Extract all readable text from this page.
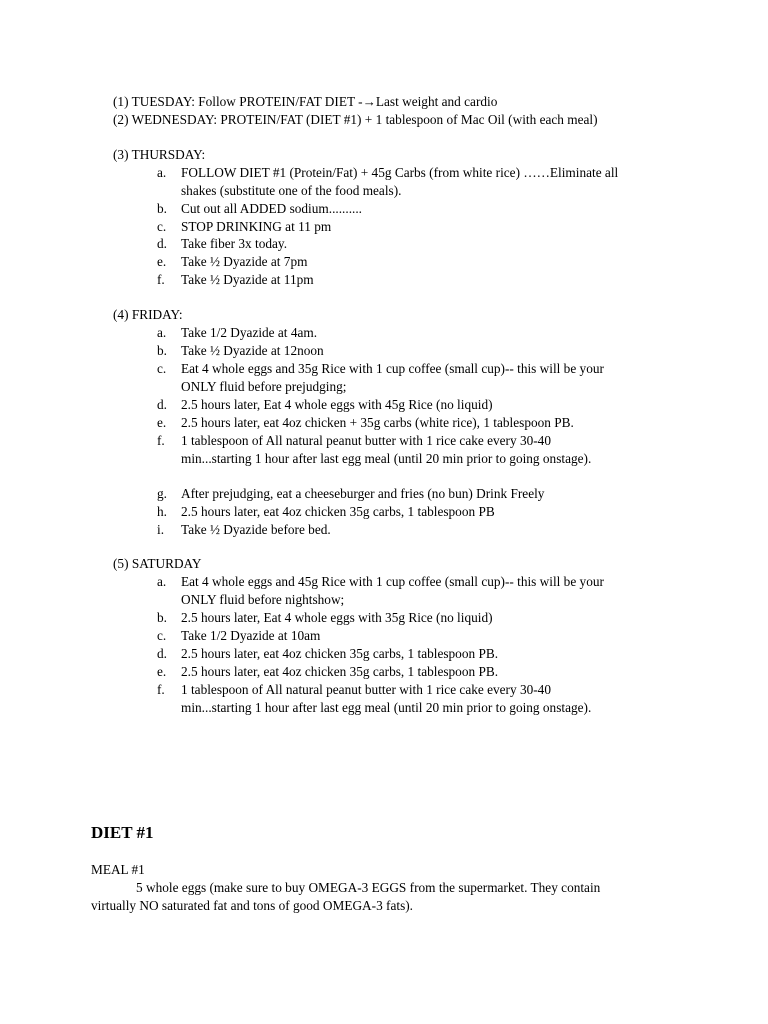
(1) TUESDAY: Follow PROTEIN/FAT DIET -→Last weight and cardio
(2) WEDNESDAY: PROTEIN/FAT (DIET #1) + 1 tablespoon of Mac Oil (with each meal)
(3) THURSDAY:
a.	FOLLOW DIET #1 (Protein/Fat) + 45g Carbs (from white rice) ……Eliminate all
shakes (substitute one of the food meals).
b.	Cut out all ADDED sodium..........
c.	STOP DRINKING at 11 pm
d.	Take fiber 3x today.
e.	Take ½ Dyazide at 7pm
f.	Take ½ Dyazide at 11pm
(4) FRIDAY:
a.	Take 1/2 Dyazide at 4am.
b.	Take ½ Dyazide at 12noon
c.	Eat 4 whole eggs and 35g Rice with 1 cup coffee (small cup)-- this will be your
ONLY fluid before prejudging;
d.	2.5 hours later, Eat 4 whole eggs with 45g Rice (no liquid)
e.	2.5 hours later, eat 4oz chicken + 35g carbs (white rice), 1 tablespoon PB.
f.	1 tablespoon of All natural peanut butter with 1 rice cake every 30-40
min...starting 1 hour after last egg meal (until 20 min prior to going onstage).
g.	After prejudging, eat a cheeseburger and fries (no bun) Drink Freely
h.	2.5 hours later, eat 4oz chicken 35g carbs, 1 tablespoon PB
i.	Take ½ Dyazide before bed.
(5) SATURDAY
a.	Eat 4 whole eggs and 45g Rice with 1 cup coffee (small cup)-- this will be your
ONLY fluid before nightshow;
b.	2.5 hours later, Eat 4 whole eggs with 35g Rice (no liquid)
c.	Take 1/2 Dyazide at 10am
d.	2.5 hours later, eat 4oz chicken 35g carbs, 1 tablespoon PB.
e.	2.5 hours later, eat 4oz chicken 35g carbs, 1 tablespoon PB.
f.	1 tablespoon of All natural peanut butter with 1 rice cake every 30-40
min...starting 1 hour after last egg meal (until 20 min prior to going onstage).
DIET #1
MEAL #1
5 whole eggs (make sure to buy OMEGA-3 EGGS from the supermarket. They contain
virtually NO saturated fat and tons of good OMEGA-3 fats).
